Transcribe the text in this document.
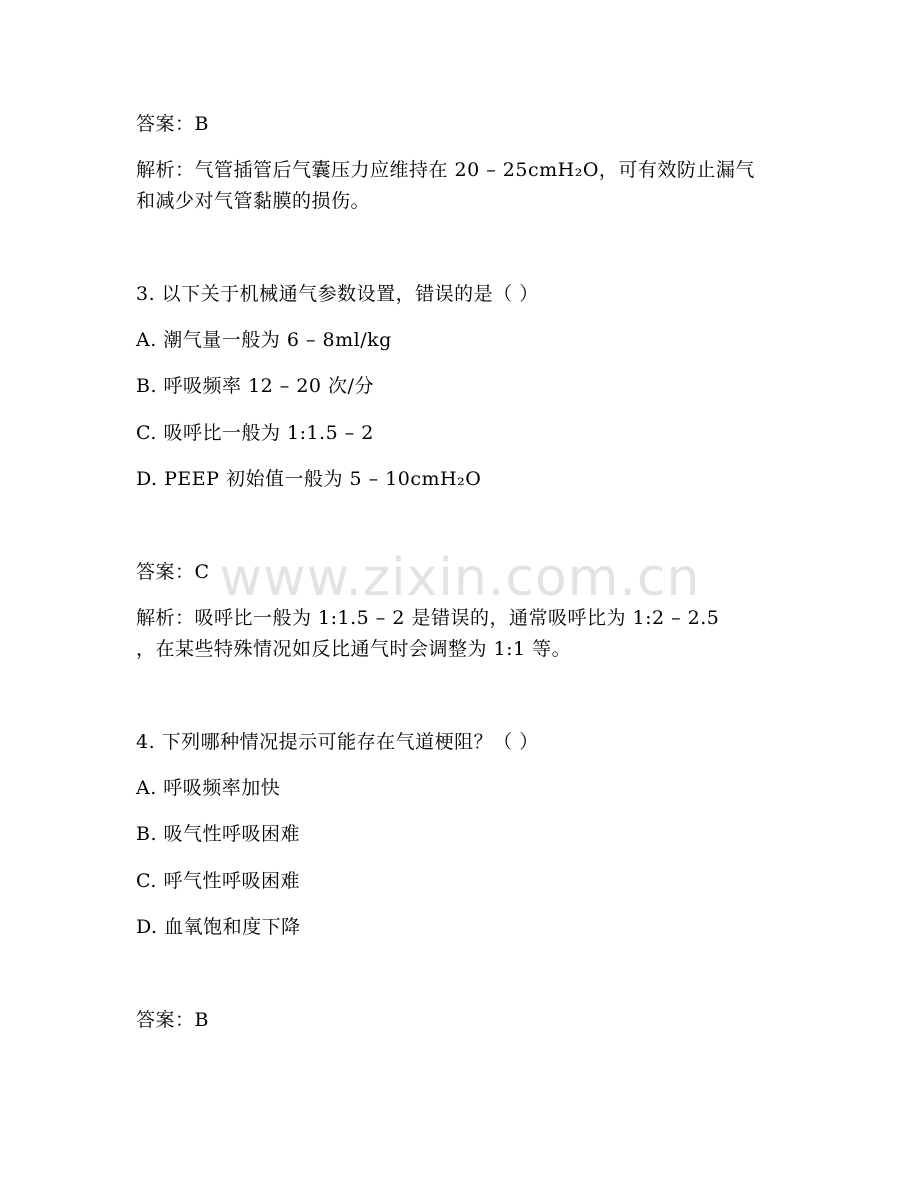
www.zixin.com.cn
答案：B
解析：气管插管后气囊压力应维持在 20 – 25cmH₂O，可有效防止漏气
和减少对气管黏膜的损伤。
3. 以下关于机械通气参数设置，错误的是（ ）
A. 潮气量一般为 6 – 8ml/kg
B. 呼吸频率 12 – 20 次/分
C. 吸呼比一般为 1:1.5 – 2
D. PEEP 初始值一般为 5 – 10cmH₂O
答案：C
解析：吸呼比一般为 1:1.5 – 2 是错误的，通常吸呼比为 1:2 – 2.5
，在某些特殊情况如反比通气时会调整为 1:1 等。
4. 下列哪种情况提示可能存在气道梗阻？（ ）
A. 呼吸频率加快
B. 吸气性呼吸困难
C. 呼气性呼吸困难
D. 血氧饱和度下降
答案：B
